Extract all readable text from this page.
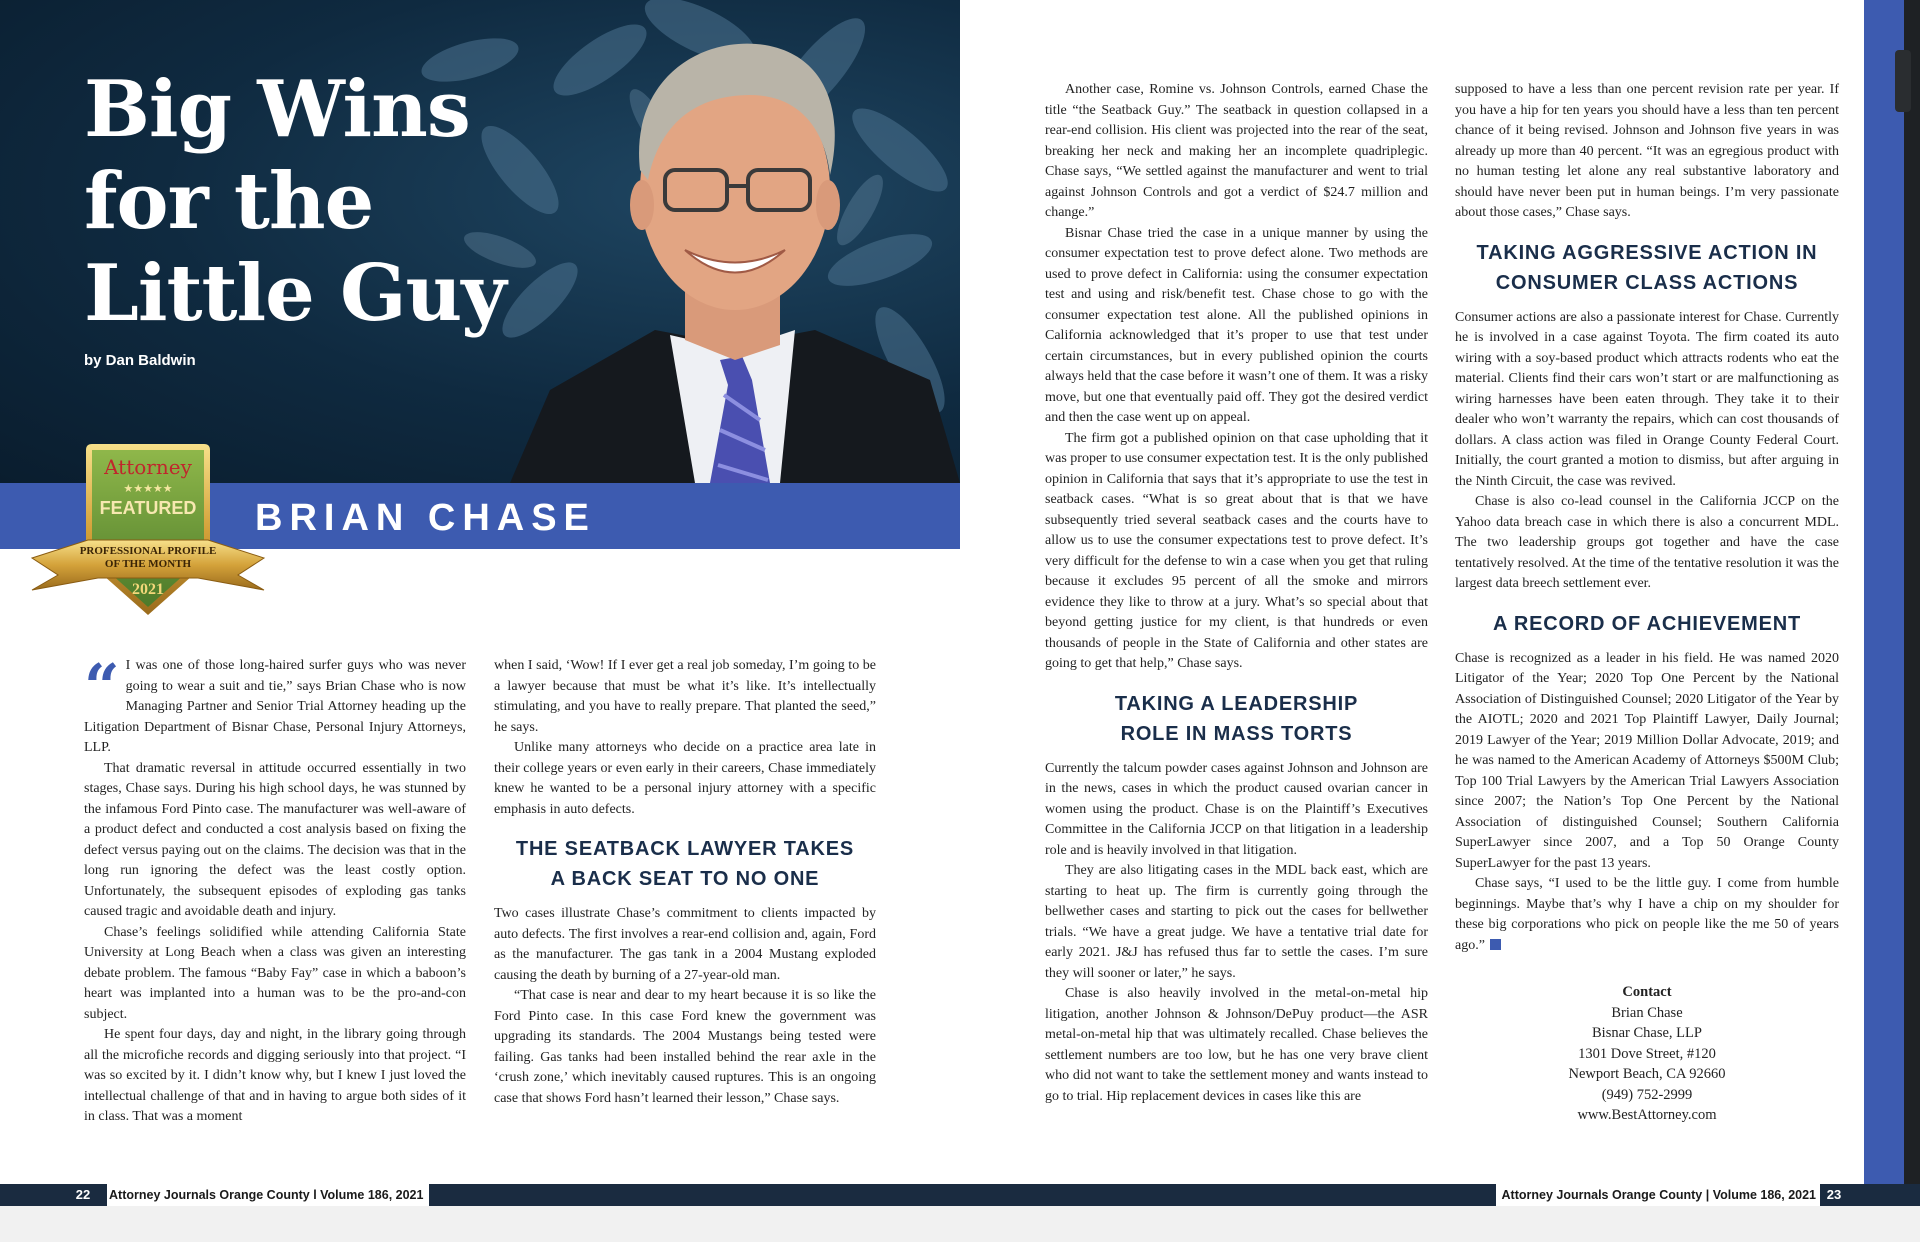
Big Wins
for the
Little Guy
by Dan Baldwin
BRIAN CHASE
Attorney
★★★★★
FEATURED
PROFESSIONAL PROFILE
OF THE MONTH
2021

“ I was one of those long-haired surfer guys who was never going to wear a suit and tie,” says Brian Chase who is now Managing Partner and Senior Trial Attorney heading up the Litigation Department of Bisnar Chase, Personal Injury Attorneys, LLP.

That dramatic reversal in attitude occurred essentially in two stages, Chase says. During his high school days, he was stunned by the infamous Ford Pinto case. The manufacturer was well-aware of a product defect and conducted a cost analysis based on fixing the defect versus paying out on the claims. The decision was that in the long run ignoring the defect was the least costly option. Unfortunately, the subsequent episodes of exploding gas tanks caused tragic and avoidable death and injury.

Chase’s feelings solidified while attending California State University at Long Beach when a class was given an interesting debate problem. The famous “Baby Fay” case in which a baboon’s heart was implanted into a human was to be the pro-and-con subject.

He spent four days, day and night, in the library going through all the microfiche records and digging seriously into that project. “I was so excited by it. I didn’t know why, but I knew I just loved the intellectual challenge of that and in having to argue both sides of it in class. That was a moment

when I said, ‘Wow! If I ever get a real job someday, I’m going to be a lawyer because that must be what it’s like. It’s intellectually stimulating, and you have to really prepare. That planted the seed,” he says.

Unlike many attorneys who decide on a practice area late in their college years or even early in their careers, Chase immediately knew he wanted to be a personal injury attorney with a specific emphasis in auto defects.

THE SEATBACK LAWYER TAKES
A BACK SEAT TO NO ONE

Two cases illustrate Chase’s commitment to clients impacted by auto defects. The first involves a rear-end collision and, again, Ford as the manufacturer. The gas tank in a 2004 Mustang exploded causing the death by burning of a 27-year-old man.

“That case is near and dear to my heart because it is so like the Ford Pinto case. In this case Ford knew the government was upgrading its standards. The 2004 Mustangs being tested were failing. Gas tanks had been installed behind the rear axle in the ‘crush zone,’ which inevitably caused ruptures. This is an ongoing case that shows Ford hasn’t learned their lesson,” Chase says.

Another case, Romine vs. Johnson Controls, earned Chase the title “the Seatback Guy.” The seatback in question collapsed in a rear-end collision. His client was projected into the rear of the seat, breaking her neck and making her an incomplete quadriplegic. Chase says, “We settled against the manufacturer and went to trial against Johnson Controls and got a verdict of $24.7 million and change.”

Bisnar Chase tried the case in a unique manner by using the consumer expectation test to prove defect alone. Two methods are used to prove defect in California: using the consumer expectation test and using and risk/benefit test. Chase chose to go with the consumer expectation test alone. All the published opinions in California acknowledged that it’s proper to use that test under certain circumstances, but in every published opinion the courts always held that the case before it wasn’t one of them. It was a risky move, but one that eventually paid off. They got the desired verdict and then the case went up on appeal.

The firm got a published opinion on that case upholding that it was proper to use consumer expectation test. It is the only published opinion in California that says that it’s appropriate to use the test in seatback cases. “What is so great about that is that we have subsequently tried several seatback cases and the courts have to allow us to use the consumer expectations test to prove defect. It’s very difficult for the defense to win a case when you get that ruling because it excludes 95 percent of all the smoke and mirrors evidence they like to throw at a jury. What’s so special about that beyond getting justice for my client, is that hundreds or even thousands of people in the State of California and other states are going to get that help,” Chase says.

TAKING A LEADERSHIP
ROLE IN MASS TORTS

Currently the talcum powder cases against Johnson and Johnson are in the news, cases in which the product caused ovarian cancer in women using the product. Chase is on the Plaintiff’s Executives Committee in the California JCCP on that litigation in a leadership role and is heavily involved in that litigation.

They are also litigating cases in the MDL back east, which are starting to heat up. The firm is currently going through the bellwether cases and starting to pick out the cases for bellwether trials. “We have a great judge. We have a tentative trial date for early 2021. J&J has refused thus far to settle the cases. I’m sure they will sooner or later,” he says.

Chase is also heavily involved in the metal-on-metal hip litigation, another Johnson & Johnson/DePuy product—the ASR metal-on-metal hip that was ultimately recalled. Chase believes the settlement numbers are too low, but he has one very brave client who did not want to take the settlement money and wants instead to go to trial. Hip replacement devices in cases like this are

supposed to have a less than one percent revision rate per year. If you have a hip for ten years you should have a less than ten percent chance of it being revised. Johnson and Johnson five years in was already up more than 40 percent. “It was an egregious product with no human testing let alone any real substantive laboratory and should have never been put in human beings. I’m very passionate about those cases,” Chase says.

TAKING AGGRESSIVE ACTION IN
CONSUMER CLASS ACTIONS

Consumer actions are also a passionate interest for Chase. Currently he is involved in a case against Toyota. The firm coated its auto wiring with a soy-based product which attracts rodents who eat the material. Clients find their cars won’t start or are malfunctioning as wiring harnesses have been eaten through. They take it to their dealer who won’t warranty the repairs, which can cost thousands of dollars. A class action was filed in Orange County Federal Court. Initially, the court granted a motion to dismiss, but after arguing in the Ninth Circuit, the case was revived.

Chase is also co-lead counsel in the California JCCP on the Yahoo data breach case in which there is also a concurrent MDL. The two leadership groups got together and have the case tentatively resolved. At the time of the tentative resolution it was the largest data breech settlement ever.

A RECORD OF ACHIEVEMENT

Chase is recognized as a leader in his field. He was named 2020 Litigator of the Year; 2020 Top One Percent by the National Association of Distinguished Counsel; 2020 Litigator of the Year by the AIOTL; 2020 and 2021 Top Plaintiff Lawyer, Daily Journal; 2019 Lawyer of the Year; 2019 Million Dollar Advocate, 2019; and he was named to the American Academy of Attorneys $500M Club; Top 100 Trial Lawyers by the American Trial Lawyers Association since 2007; the Nation’s Top One Percent by the National Association of distinguished Counsel; Southern California SuperLawyer since 2007, and a Top 50 Orange County SuperLawyer for the past 13 years.

Chase says, “I used to be the little guy. I come from humble beginnings. Maybe that’s why I have a chip on my shoulder for these big corporations who pick on people like the me 50 of years ago.”

Contact
Brian Chase
Bisnar Chase, LLP
1301 Dove Street, #120
Newport Beach, CA 92660
(949) 752-2999
www.BestAttorney.com
22	Attorney Journals Orange County l Volume 186, 2021	Attorney Journals Orange County | Volume 186, 2021 23
